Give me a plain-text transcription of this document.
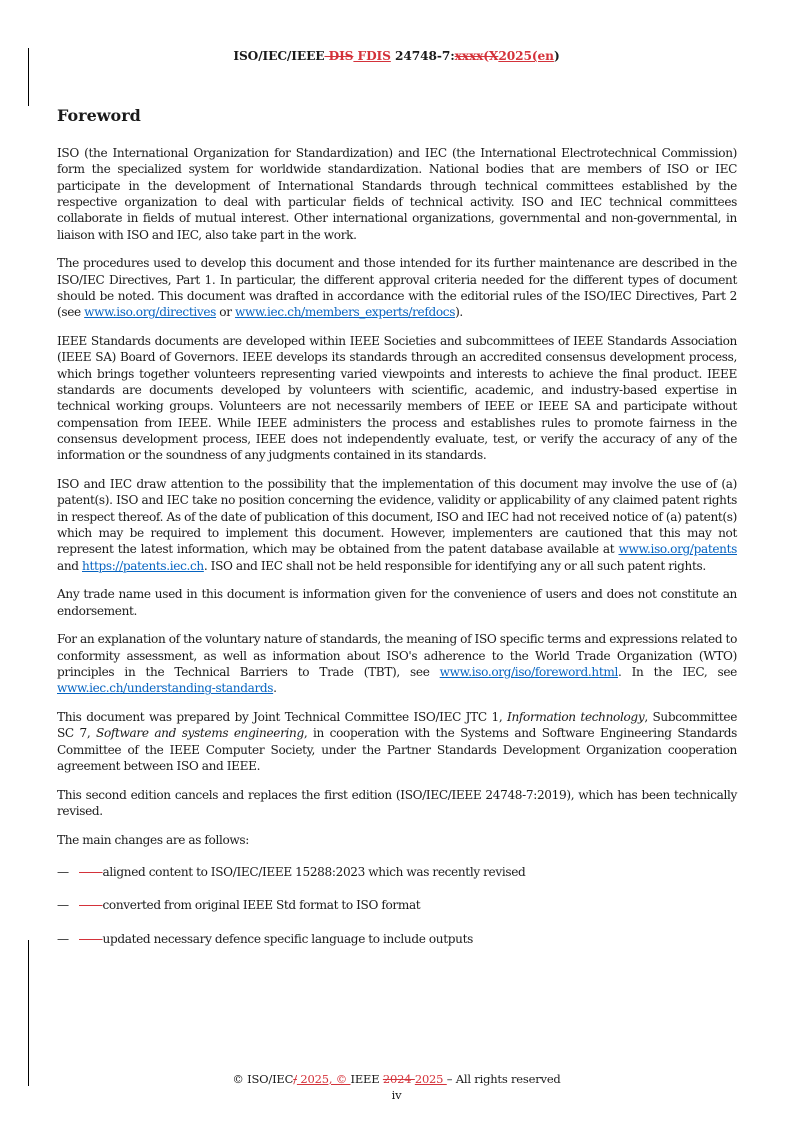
ISO/IEC/IEEE DIS FDIS 24748-7:xxxx(X2025(en)
Foreword

ISO (the International Organization for Standardization) and IEC (the International Electrotechnical Commission) form the specialized system for worldwide standardization. National bodies that are members of ISO or IEC participate in the development of International Standards through technical committees established by the respective organization to deal with particular fields of technical activity. ISO and IEC technical committees collaborate in fields of mutual interest. Other international organizations, governmental and non-governmental, in liaison with ISO and IEC, also take part in the work.

The procedures used to develop this document and those intended for its further maintenance are described in the ISO/IEC Directives, Part 1. In particular, the different approval criteria needed for the different types of document should be noted. This document was drafted in accordance with the editorial rules of the ISO/IEC Directives, Part 2 (see www.iso.org/directives or www.iec.ch/members_experts/refdocs).

IEEE Standards documents are developed within IEEE Societies and subcommittees of IEEE Standards Association (IEEE SA) Board of Governors. IEEE develops its standards through an accredited consensus development process, which brings together volunteers representing varied viewpoints and interests to achieve the final product. IEEE standards are documents developed by volunteers with scientific, academic, and industry-based expertise in technical working groups. Volunteers are not necessarily members of IEEE or IEEE SA and participate without compensation from IEEE. While IEEE administers the process and establishes rules to promote fairness in the consensus development process, IEEE does not independently evaluate, test, or verify the accuracy of any of the information or the soundness of any judgments contained in its standards.

ISO and IEC draw attention to the possibility that the implementation of this document may involve the use of (a) patent(s). ISO and IEC take no position concerning the evidence, validity or applicability of any claimed patent rights in respect thereof. As of the date of publication of this document, ISO and IEC had not received notice of (a) patent(s) which may be required to implement this document. However, implementers are cautioned that this may not represent the latest information, which may be obtained from the patent database available at www.iso.org/patents and https://patents.iec.ch. ISO and IEC shall not be held responsible for identifying any or all such patent rights.

Any trade name used in this document is information given for the convenience of users and does not constitute an endorsement.

For an explanation of the voluntary nature of standards, the meaning of ISO specific terms and expressions related to conformity assessment, as well as information about ISO's adherence to the World Trade Organization (WTO) principles in the Technical Barriers to Trade (TBT), see www.iso.org/iso/foreword.html. In the IEC, see www.iec.ch/understanding-standards.

This document was prepared by Joint Technical Committee ISO/IEC JTC 1, Information technology, Subcommittee SC 7, Software and systems engineering, in cooperation with the Systems and Software Engineering Standards Committee of the IEEE Computer Society, under the Partner Standards Development Organization cooperation agreement between ISO and IEEE.

This second edition cancels and replaces the first edition (ISO/IEC/IEEE 24748-7:2019), which has been technically revised.

The main changes are as follows:

— —— aligned content to ISO/IEC/IEEE 15288:2023 which was recently revised
— —— converted from original IEEE Std format to ISO format
— —— updated necessary defence specific language to include outputs
© ISO/IEC/ 2025, © IEEE 2024 2025 – All rights reserved
iv
